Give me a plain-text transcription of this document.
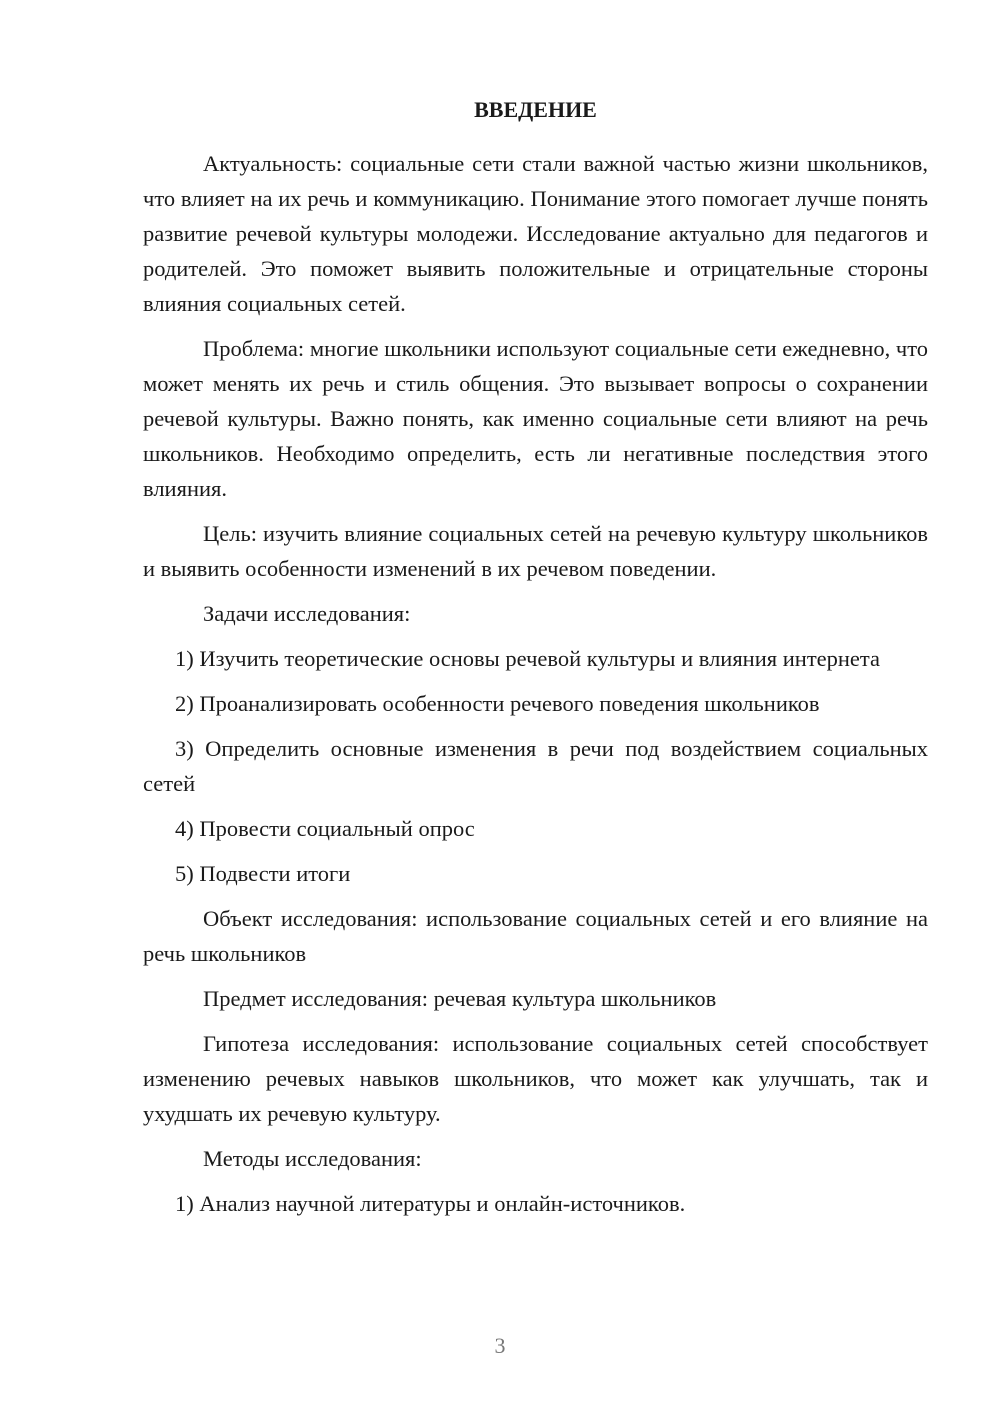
ВВЕДЕНИЕ

Актуальность: социальные сети стали важной частью жизни школьников, что влияет на их речь и коммуникацию. Понимание этого помогает лучше понять развитие речевой культуры молодежи. Исследование актуально для педагогов и родителей. Это поможет выявить положительные и отрицательные стороны влияния социальных сетей.

Проблема: многие школьники используют социальные сети ежедневно, что может менять их речь и стиль общения. Это вызывает вопросы о сохранении речевой культуры. Важно понять, как именно социальные сети влияют на речь школьников. Необходимо определить, есть ли негативные последствия этого влияния.

Цель: изучить влияние социальных сетей на речевую культуру школьников и выявить особенности изменений в их речевом поведении.

Задачи исследования:

1) Изучить теоретические основы речевой культуры и влияния интернета

2) Проанализировать особенности речевого поведения школьников

3) Определить основные изменения в речи под воздействием социальных сетей

4) Провести социальный опрос

5) Подвести итоги

Объект исследования: использование социальных сетей и его влияние на речь школьников

Предмет исследования: речевая культура школьников

Гипотеза исследования: использование социальных сетей способствует изменению речевых навыков школьников, что может как улучшать, так и ухудшать их речевую культуру.

Методы исследования:

1) Анализ научной литературы и онлайн-источников.

3
